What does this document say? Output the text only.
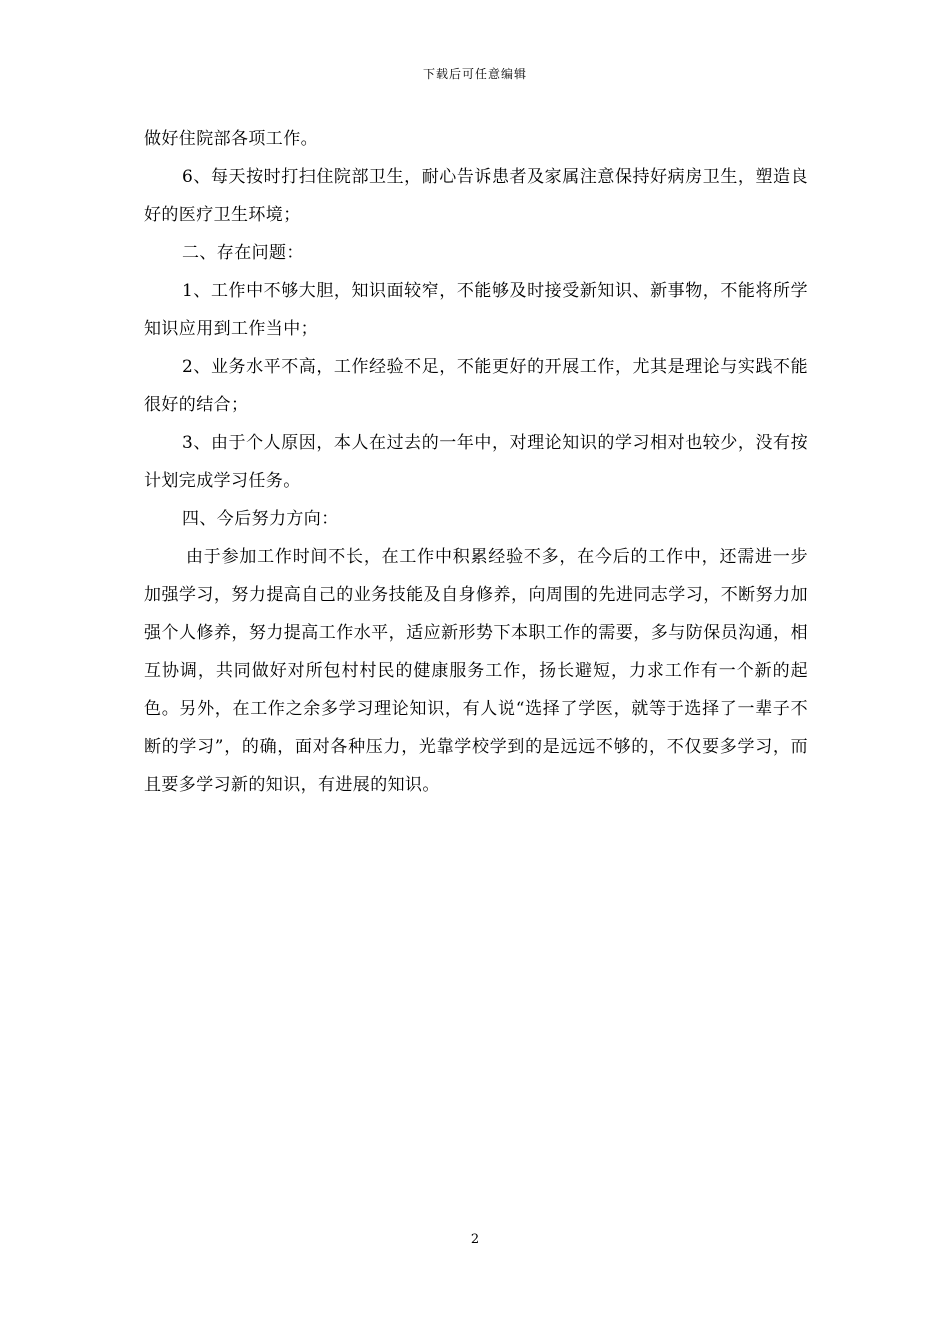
下载后可任意编辑

做好住院部各项工作。

6、每天按时打扫住院部卫生，耐心告诉患者及家属注意保持好病房卫生，塑造良好的医疗卫生环境；

二、存在问题：

1、工作中不够大胆，知识面较窄，不能够及时接受新知识、新事物，不能将所学知识应用到工作当中；

2、业务水平不高，工作经验不足，不能更好的开展工作，尤其是理论与实践不能很好的结合；

3、由于个人原因，本人在过去的一年中，对理论知识的学习相对也较少，没有按计划完成学习任务。

四、今后努力方向：

由于参加工作时间不长，在工作中积累经验不多，在今后的工作中，还需进一步加强学习，努力提高自己的业务技能及自身修养，向周围的先进同志学习，不断努力加强个人修养，努力提高工作水平，适应新形势下本职工作的需要，多与防保员沟通，相互协调，共同做好对所包村村民的健康服务工作，扬长避短，力求工作有一个新的起色。另外，在工作之余多学习理论知识，有人说“选择了学医，就等于选择了一辈子不断的学习”，的确，面对各种压力，光靠学校学到的是远远不够的，不仅要多学习，而且要多学习新的知识，有进展的知识。

2
